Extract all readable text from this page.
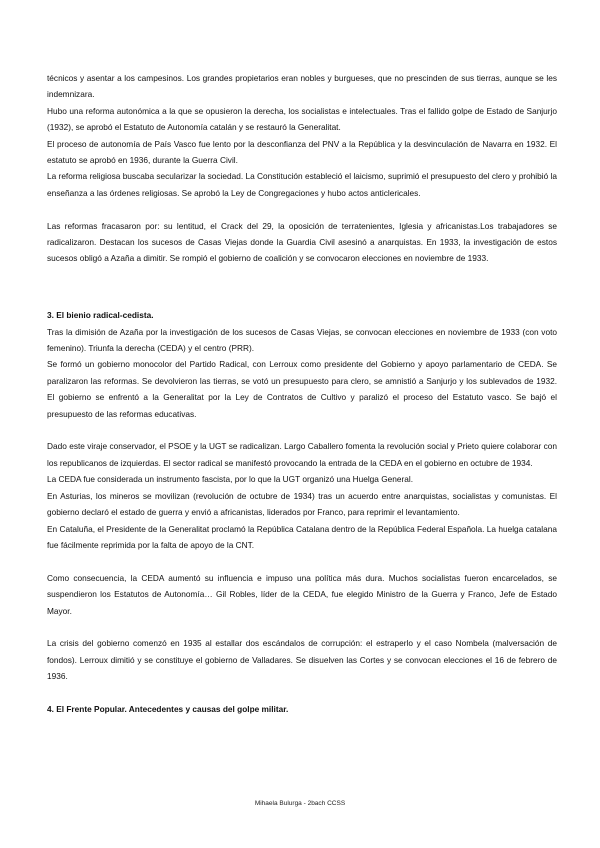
técnicos y asentar a los campesinos. Los grandes propietarios eran nobles y burgueses, que no prescinden de sus tierras, aunque se les indemnizara.

Hubo una reforma autonómica a la que se opusieron la derecha, los socialistas e intelectuales. Tras el fallido golpe de Estado de Sanjurjo (1932), se aprobó el Estatuto de Autonomía catalán y se restauró la Generalitat.

El proceso de autonomía de País Vasco fue lento por la desconfianza del PNV a la República y la desvinculación de Navarra en 1932. El estatuto se aprobó en 1936, durante la Guerra Civil.

La reforma religiosa buscaba secularizar la sociedad. La Constitución estableció el laicismo, suprimió el presupuesto del clero y prohibió la enseñanza a las órdenes religiosas. Se aprobó la Ley de Congregaciones y hubo actos anticlericales.

Las reformas fracasaron por: su lentitud, el Crack del 29, la oposición de terratenientes, Iglesia y africanistas.Los trabajadores se radicalizaron. Destacan los sucesos de Casas Viejas donde la Guardia Civil asesinó a anarquistas. En 1933, la investigación de estos sucesos obligó a Azaña a dimitir. Se rompió el gobierno de coalición y se convocaron elecciones en noviembre de 1933.

3. El bienio radical-cedista.

Tras la dimisión de Azaña por la investigación de los sucesos de Casas Viejas, se convocan elecciones en noviembre de 1933 (con voto femenino). Triunfa la derecha (CEDA) y el centro (PRR).

Se formó un gobierno monocolor del Partido Radical, con Lerroux como presidente del Gobierno y apoyo parlamentario de CEDA. Se paralizaron las reformas. Se devolvieron las tierras, se votó un presupuesto para clero, se amnistió a Sanjurjo y los sublevados de 1932. El gobierno se enfrentó a la Generalitat por la Ley de Contratos de Cultivo y paralizó el proceso del Estatuto vasco. Se bajó el presupuesto de las reformas educativas.

Dado este viraje conservador, el PSOE y la UGT se radicalizan. Largo Caballero fomenta la revolución social y Prieto quiere colaborar con los republicanos de izquierdas. El sector radical se manifestó provocando la entrada de la CEDA en el gobierno en octubre de 1934.

La CEDA fue considerada un instrumento fascista, por lo que la UGT organizó una Huelga General.

En Asturias, los mineros se movilizan (revolución de octubre de 1934) tras un acuerdo entre anarquistas, socialistas y comunistas. El gobierno declaró el estado de guerra y envió a africanistas, liderados por Franco, para reprimir el levantamiento.

En Cataluña, el Presidente de la Generalitat proclamó la República Catalana dentro de la República Federal Española. La huelga catalana fue fácilmente reprimida por la falta de apoyo de la CNT.

Como consecuencia, la CEDA aumentó su influencia e impuso una política más dura. Muchos socialistas fueron encarcelados, se suspendieron los Estatutos de Autonomía… Gil Robles, líder de la CEDA, fue elegido Ministro de la Guerra y Franco, Jefe de Estado Mayor.

La crisis del gobierno comenzó en 1935 al estallar dos escándalos de corrupción: el estraperlo y el caso Nombela (malversación de fondos). Lerroux dimitió y se constituye el gobierno de Valladares. Se disuelven las Cortes y se convocan elecciones el 16 de febrero de 1936.

4. El Frente Popular. Antecedentes y causas del golpe militar.
Mihaela Bulurga - 2bach CCSS
